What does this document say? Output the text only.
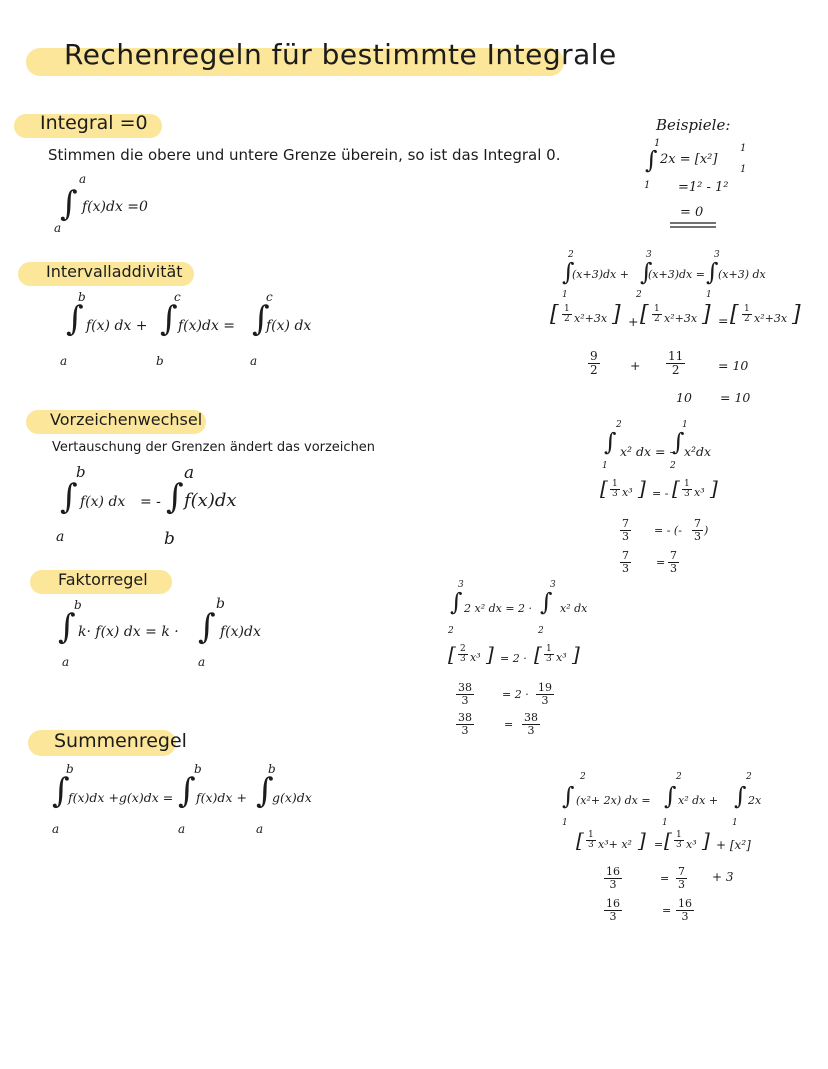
Rechenregeln für bestimmte Integrale
Integral =0
Stimmen die obere und untere Grenze überein, so ist das Integral 0.
∫
a
a
f(x)dx =0
Intervalladdivität
∫
b
a
f(x) dx + ∫
c
b
f(x)dx = ∫
c
a
f(x) dx
Vorzeichenwechsel
Vertauschung der Grenzen ändert das vorzeichen
∫
b
a
f(x) dx = - ∫
a
b
f(x)dx
Faktorregel
∫
b
a
k· f(x) dx = k · ∫
b
a
f(x)dx
Summenregel
∫
b
a
f(x)dx +g(x)dx = ∫
b
a
f(x)dx + ∫
b
a
g(x)dx
Beispiele:
∫
1
1
2x = [x²]
1
1
=1² - 1²
= 0
∫
2
1
(x+3)dx + ∫
3
2
(x+3)dx = ∫
3
1
(x+3) dx
[ 1
2 x²+3x ] + [ 1
2 x²+3x ] = [ 1
2 x²+3x ]
9
2	+
11
2	= 10
10 = 10
∫
2
1
x² dx = -
∫
1
2
x²dx
[ 1
3 x³ ] = - [ 1
3 x³ ]
7
3 = - (-
7
3 )
7
3 =
7
3
∫
3
2
2 x² dx = 2 · ∫
3
2
x² dx
[ 2
3 x³ ] = 2 · [ 1
3 x³ ]
38
3	= 2 ·
19
3
38
3	=
38
3
∫
2
1
(x²+ 2x) dx = ∫
2
1
x² dx + ∫
2
1
2x
[ 1
3 x³+ x² ] = [ 1
3 x³ ] + [x²]
16
3	=
7
3
+ 3
16
3	=
16
3
